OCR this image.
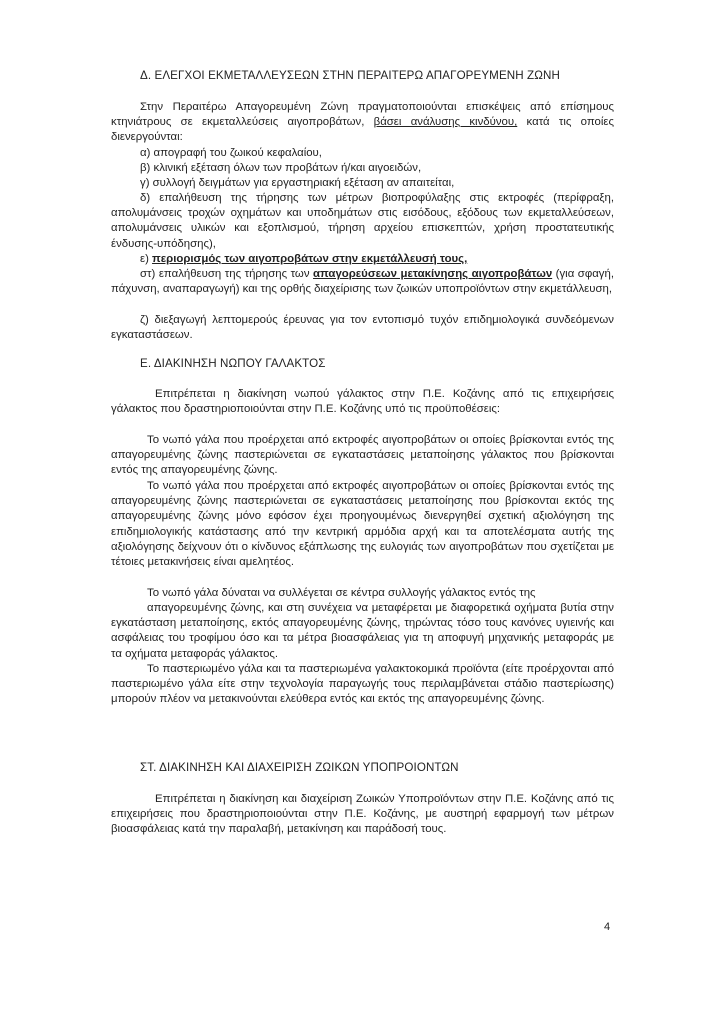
Δ. ΕΛΕΓΧΟΙ ΕΚΜΕΤΑΛΛΕΥΣΕΩΝ ΣΤΗΝ ΠΕΡΑΙΤΕΡΩ ΑΠΑΓΟΡΕΥΜΕΝΗ ΖΩΝΗ

Στην Περαιτέρω Απαγορευμένη Ζώνη πραγματοποιούνται επισκέψεις από επίσημους κτηνιάτρους σε εκμεταλλεύσεις αιγοπροβάτων, βάσει ανάλυσης κινδύνου, κατά τις οποίες διενεργούνται:

α) απογραφή του ζωικού κεφαλαίου,

β) κλινική εξέταση όλων των προβάτων ή/και αιγοειδών,

γ) συλλογή δειγμάτων για εργαστηριακή εξέταση αν απαιτείται,

δ) επαλήθευση της τήρησης των μέτρων βιοπροφύλαξης στις εκτροφές (περίφραξη, απολυμάνσεις τροχών οχημάτων και υποδημάτων στις εισόδους, εξόδους των εκμεταλλεύσεων, απολυμάνσεις υλικών και εξοπλισμού, τήρηση αρχείου επισκεπτών, χρήση προστατευτικής ένδυσης-υπόδησης),

ε) περιορισμός των αιγοπροβάτων στην εκμετάλλευσή τους,

στ) επαλήθευση της τήρησης των απαγορεύσεων μετακίνησης αιγοπροβάτων (για σφαγή, πάχυνση, αναπαραγωγή) και της ορθής διαχείρισης των ζωικών υποπροϊόντων στην εκμετάλλευση,

ζ) διεξαγωγή λεπτομερούς έρευνας για τον εντοπισμό τυχόν επιδημιολογικά συνδεόμενων εγκαταστάσεων.

Ε. ΔΙΑΚΙΝΗΣΗ ΝΩΠΟΥ ΓΑΛΑΚΤΟΣ

Επιτρέπεται η διακίνηση νωπού γάλακτος στην Π.Ε. Κοζάνης από τις επιχειρήσεις γάλακτος που δραστηριοποιούνται στην Π.Ε. Κοζάνης υπό τις προϋποθέσεις:

Το νωπό γάλα που προέρχεται από εκτροφές αιγοπροβάτων οι οποίες βρίσκονται εντός της απαγορευμένης ζώνης παστεριώνεται σε εγκαταστάσεις μεταποίησης γάλακτος που βρίσκονται εντός της απαγορευμένης ζώνης.

Το νωπό γάλα που προέρχεται από εκτροφές αιγοπροβάτων οι οποίες βρίσκονται εντός της απαγορευμένης ζώνης παστεριώνεται σε εγκαταστάσεις μεταποίησης που βρίσκονται εκτός της απαγορευμένης ζώνης μόνο εφόσον έχει προηγουμένως διενεργηθεί σχετική αξιολόγηση της επιδημιολογικής κατάστασης από την κεντρική αρμόδια αρχή και τα αποτελέσματα αυτής της αξιολόγησης δείχνουν ότι ο κίνδυνος εξάπλωσης της ευλογιάς των αιγοπροβάτων που σχετίζεται με τέτοιες μετακινήσεις είναι αμελητέος.

Το νωπό γάλα δύναται να συλλέγεται σε κέντρα συλλογής γάλακτος εντός της

απαγορευμένης ζώνης, και στη συνέχεια να μεταφέρεται με διαφορετικά οχήματα βυτία στην εγκατάσταση μεταποίησης, εκτός απαγορευμένης ζώνης, τηρώντας τόσο τους κανόνες υγιεινής και ασφάλειας του τροφίμου όσο και τα μέτρα βιοασφάλειας για τη αποφυγή μηχανικής μεταφοράς με τα οχήματα μεταφοράς γάλακτος.

Το παστεριωμένο γάλα και τα παστεριωμένα γαλακτοκομικά προϊόντα (είτε προέρχονται από παστεριωμένο γάλα είτε στην τεχνολογία παραγωγής τους περιλαμβάνεται στάδιο παστερίωσης) μπορούν πλέον να μετακινούνται ελεύθερα εντός και εκτός της απαγορευμένης ζώνης.

ΣΤ. ΔΙΑΚΙΝΗΣΗ ΚΑΙ ΔΙΑΧΕΙΡΙΣΗ ΖΩΙΚΩΝ ΥΠΟΠΡΟΙΟΝΤΩΝ

Επιτρέπεται η διακίνηση και διαχείριση Ζωικών Υποπροϊόντων στην Π.Ε. Κοζάνης από τις επιχειρήσεις που δραστηριοποιούνται στην Π.Ε. Κοζάνης, με αυστηρή εφαρμογή των μέτρων βιοασφάλειας κατά την παραλαβή, μετακίνηση και παράδοσή τους.

4
